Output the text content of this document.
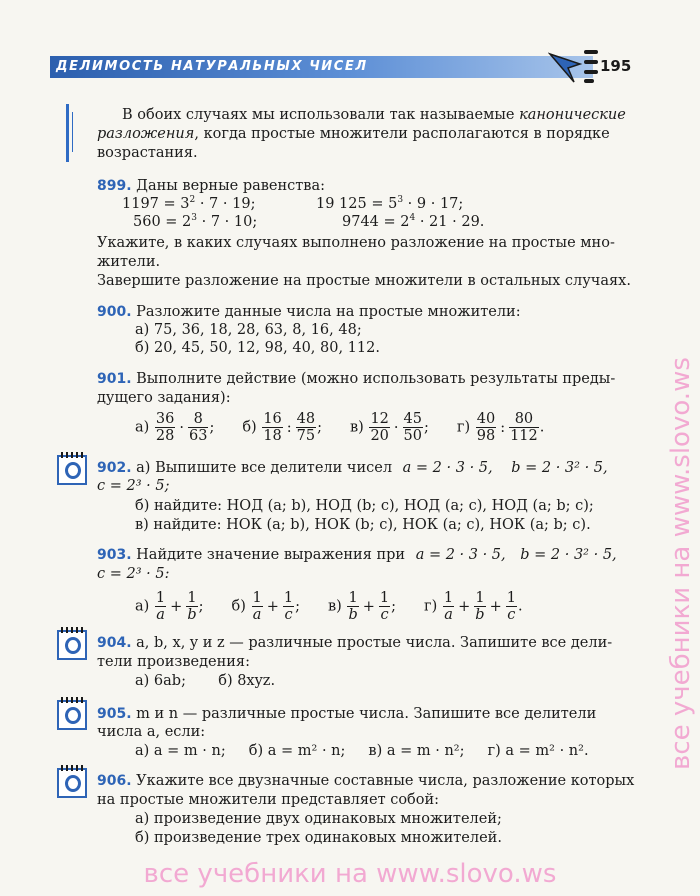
ДЕЛИМОСТЬ НАТУРАЛЬНЫХ ЧИСЕЛ	195
В обоих случаях мы использовали так называемые канонические
разложения, когда простые множители располагаются в порядке
возрастания.
899. Даны верные равенства:
$1197 = 3^2 \cdot 7 \cdot 19$;	19 $125 = 5^3 \cdot 9 \cdot 17$;
$560 = 2^3 \cdot 7 \cdot 10$;	$9744 = 2^4 \cdot 21 \cdot 29$.
Укажите, в каких случаях выполнено разложение на простые мно-
жители.
Завершите разложение на простые множители в остальных случаях.
900. Разложите данные числа на простые множители:
а) 75, 36, 18, 28, 63, 8, 16, 48;
б) 20, 45, 50, 12, 98, 40, 80, 112.
901. Выполните действие (можно использовать результаты преды-
дущего задания):
$а) \frac{36}{28} \cdot \frac{8}{63}$ ; $б) \frac{16}{18}$ : $\frac{48}{75}$ ; $в) \frac{12}{20} \cdot \frac{45}{50}$ ; $г) \frac{40}{98}$ : $\frac{80}{112}$ .
902. а) Выпишите все делители чисел a = 2 · 3 · 5, b = 2 · 3² · 5,
c = 2³ · 5;
б) найдите: НОД (a; b), НОД (b; c), НОД (a; c), НОД (a; b; c);
в) найдите: НОК (a; b), НОК (b; c), НОК (a; c), НОК (a; b; c).
903. Найдите значение выражения при a = 2 · 3 · 5, b = 2 · 3² · 5,
c = 2³ · 5:
$а) \frac{1}{a} + \frac{1}{b}$ ; $б) \frac{1}{a} + \frac{1}{c}$ ; $в) \frac{1}{b} + \frac{1}{c}$ ; $г) \frac{1}{a} + \frac{1}{b} + \frac{1}{c}$ .
904. a, b, x, y и z — различные простые числа. Запишите все дели-
тели произведения:
а) 6ab;       б) 8xyz.
905. m и n — различные простые числа. Запишите все делители
числа a, если:
а) a = m · n;     б) a = m² · n;     в) a = m · n²;     г) a = m² · n².
906. Укажите все двузначные составные числа, разложение которых
на простые множители представляет собой:
а) произведение двух одинаковых множителей;
б) произведение трех одинаковых множителей.
все учебники на www.slovo.ws
все учебники на www.slovo.ws
